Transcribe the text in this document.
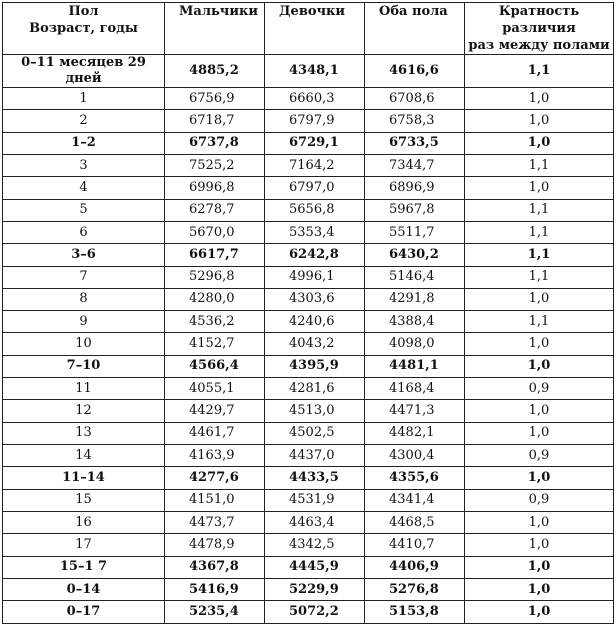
Пол
Возраст, годы	Мальчики	Девочки	Оба пола	Кратность различия
раз между полами

0–11 месяцев 29 дней	4885,2	4348,1	4616,6	1,1
1	6756,9	6660,3	6708,6	1,0
2	6718,7	6797,9	6758,3	1,0
1–2	6737,8	6729,1	6733,5	1,0
3	7525,2	7164,2	7344,7	1,1
4	6996,8	6797,0	6896,9	1,0
5	6278,7	5656,8	5967,8	1,1
6	5670,0	5353,4	5511,7	1,1
3–6	6617,7	6242,8	6430,2	1,1
7	5296,8	4996,1	5146,4	1,1
8	4280,0	4303,6	4291,8	1,0
9	4536,2	4240,6	4388,4	1,1
10	4152,7	4043,2	4098,0	1,0
7–10	4566,4	4395,9	4481,1	1,0
11	4055,1	4281,6	4168,4	0,9
12	4429,7	4513,0	4471,3	1,0
13	4461,7	4502,5	4482,1	1,0
14	4163,9	4437,0	4300,4	0,9
11–14	4277,6	4433,5	4355,6	1,0
15	4151,0	4531,9	4341,4	0,9
16	4473,7	4463,4	4468,5	1,0
17	4478,9	4342,5	4410,7	1,0
15–1 7	4367,8	4445,9	4406,9	1,0
0–14	5416,9	5229,9	5276,8	1,0
0–17	5235,4	5072,2	5153,8	1,0
